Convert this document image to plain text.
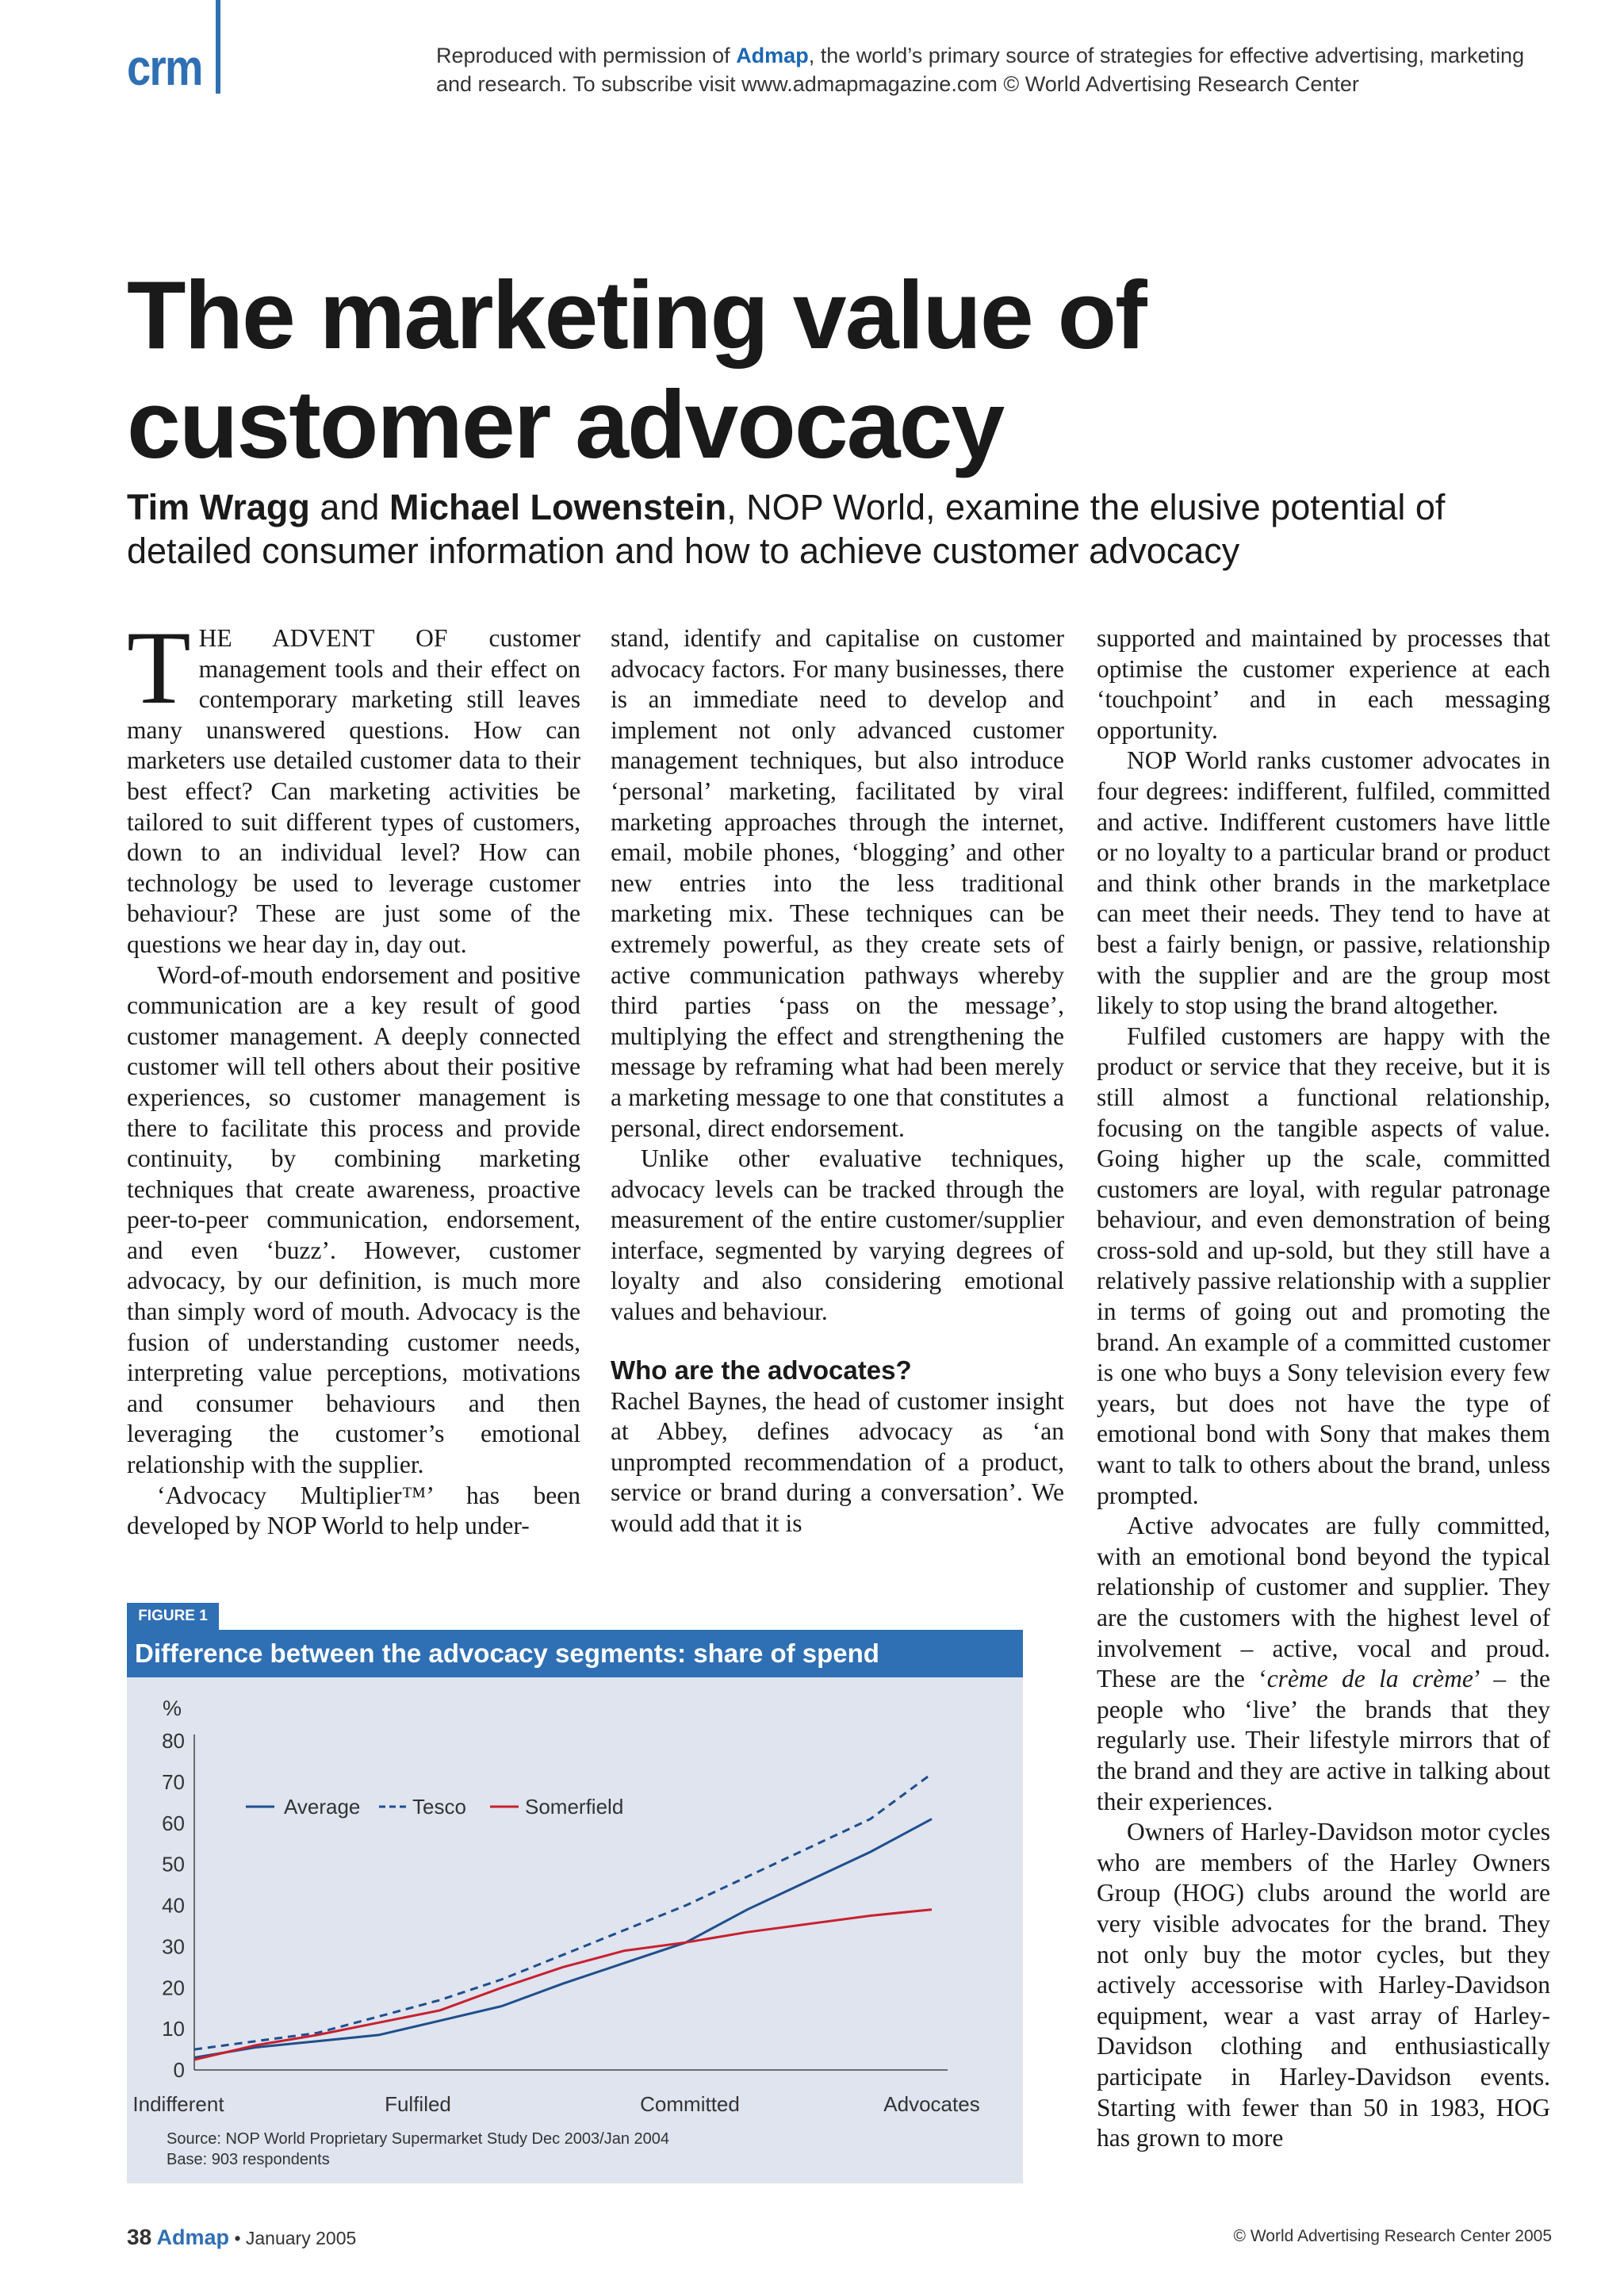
crm	Reproduced with permission of Admap, the world’s primary source of strategies for effective advertising, marketing and research. To subscribe visit www.admapmagazine.com © World Advertising Research Center
The marketing value of customer advocacy
Tim Wragg and Michael Lowenstein, NOP World, examine the elusive potential of detailed consumer information and how to achieve customer advocacy

THE ADVENT OF customer management tools and their effect on contemporary marketing still leaves many unanswered questions. How can marketers use detailed customer data to their best effect? Can marketing activities be tailored to suit different types of customers, down to an individual level? How can technology be used to leverage customer behaviour? These are just some of the questions we hear day in, day out.

Word-of-mouth endorsement and positive communication are a key result of good customer management. A deeply connected customer will tell others about their positive experiences, so customer management is there to facilitate this process and provide continuity, by combining marketing techniques that create awareness, proactive peer-to-peer communication, endorsement, and even ‘buzz’. However, customer advocacy, by our definition, is much more than simply word of mouth. Advocacy is the fusion of understanding customer needs, interpreting value perceptions, motivations and consumer behaviours and then leveraging the customer’s emotional relationship with the supplier.

‘Advocacy Multiplier™’ has been developed by NOP World to help under-

stand, identify and capitalise on customer advocacy factors. For many businesses, there is an immediate need to develop and implement not only advanced customer management techniques, but also introduce ‘personal’ marketing, facilitated by viral marketing approaches through the internet, email, mobile phones, ‘blogging’ and other new entries into the less traditional marketing mix. These techniques can be extremely powerful, as they create sets of active communication pathways whereby third parties ‘pass on the message’, multiplying the effect and strengthening the message by reframing what had been merely a marketing message to one that constitutes a personal, direct endorsement.

Unlike other evaluative techniques, advocacy levels can be tracked through the measurement of the entire customer/supplier interface, segmented by varying degrees of loyalty and also considering emotional values and behaviour.

Who are the advocates?

Rachel Baynes, the head of customer insight at Abbey, defines advocacy as ‘an unprompted recommendation of a product, service or brand during a conversation’. We would add that it is

supported and maintained by processes that optimise the customer experience at each ‘touchpoint’ and in each messaging opportunity.

NOP World ranks customer advocates in four degrees: indifferent, fulfiled, committed and active. Indifferent customers have little or no loyalty to a particular brand or product and think other brands in the marketplace can meet their needs. They tend to have at best a fairly benign, or passive, relationship with the supplier and are the group most likely to stop using the brand altogether.

Fulfiled customers are happy with the product or service that they receive, but it is still almost a functional relationship, focusing on the tangible aspects of value. Going higher up the scale, committed customers are loyal, with regular patronage behaviour, and even demonstration of being cross-sold and up-sold, but they still have a relatively passive relationship with a supplier in terms of going out and promoting the brand. An example of a committed customer is one who buys a Sony television every few years, but does not have the type of emotional bond with Sony that makes them want to talk to others about the brand, unless prompted.

Active advocates are fully committed, with an emotional bond beyond the typical relationship of customer and supplier. They are the customers with the highest level of involvement – active, vocal and proud. These are the ‘crème de la crème’ – the people who ‘live’ the brands that they regularly use. Their lifestyle mirrors that of the brand and they are active in talking about their experiences.

Owners of Harley-Davidson motor cycles who are members of the Harley Owners Group (HOG) clubs around the world are very visible advocates for the brand. They not only buy the motor cycles, but they actively accessorise with Harley-Davidson equipment, wear a vast array of Harley-Davidson clothing and enthusiastically participate in Harley-Davidson events. Starting with fewer than 50 in 1983, HOG has grown to more

FIGURE 1
Difference between the advocacy segments: share of spend
%
0
10
20
30
40
50
60
70
80
Indifferent	Fulfiled	Committed	Advocates
Average	Tesco	Somerfield
Source: NOP World Proprietary Supermarket Study Dec 2003/Jan 2004
Base: 903 respondents
38 Admap • January 2005	© World Advertising Research Center 2005
